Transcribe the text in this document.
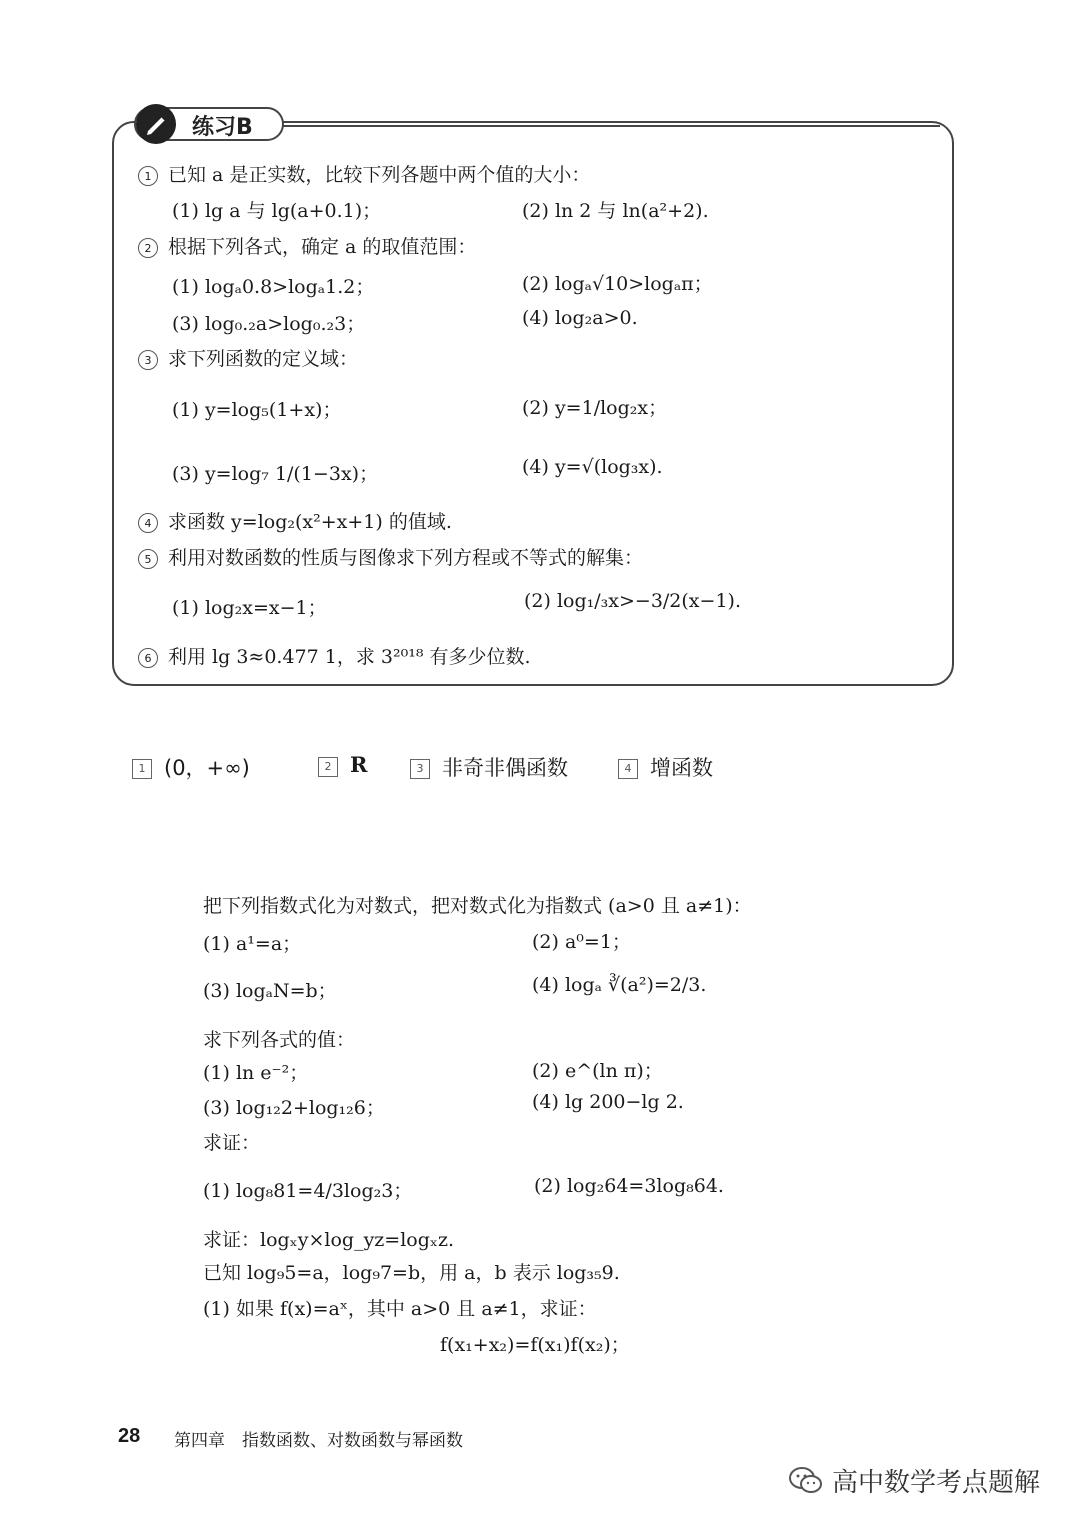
练习B
1 已知 a 是正实数，比较下列各题中两个值的大小：
(1) lg a 与 lg(a+0.1)；	(2) ln 2 与 ln(a²+2).
2 根据下列各式，确定 a 的取值范围：
(1) logₐ0.8>logₐ1.2；	(2) logₐ√10>logₐπ；
(3) log₀.₂a>log₀.₂3；	(4) log₂a>0.
3 求下列函数的定义域：
(1) y=log₅(1+x)；	(2) y=1/log₂x；
(3) y=log₇ 1/(1−3x)；	(4) y=√(log₃x).
4 求函数 y=log₂(x²+x+1) 的值域.
5 利用对数函数的性质与图像求下列方程或不等式的解集：
(1) log₂x=x−1；	(2) log₁/₃x>−3/2(x−1).
6 利用 lg 3≈0.477 1，求 3²⁰¹⁸ 有多少位数.
1 (0，+∞)	2 R	3 非奇非偶函数	4 增函数
把下列指数式化为对数式，把对数式化为指数式 (a>0 且 a≠1)：
(1) a¹=a；	(2) a⁰=1；
(3) logₐN=b；	(4) logₐ ∛(a²)=2/3.
求下列各式的值：
(1) ln e⁻²；	(2) e^(ln π)；
(3) log₁₂2+log₁₂6；	(4) lg 200−lg 2.
求证：
(1) log₈81=4/3log₂3；	(2) log₂64=3log₈64.
求证：logₓy×log_yz=logₓz.
已知 log₉5=a，log₉7=b，用 a，b 表示 log₃₅9.
(1) 如果 f(x)=aˣ，其中 a>0 且 a≠1，求证：
f(x₁+x₂)=f(x₁)f(x₂)；
28 第四章　指数函数、对数函数与幂函数
高中数学考点题解
